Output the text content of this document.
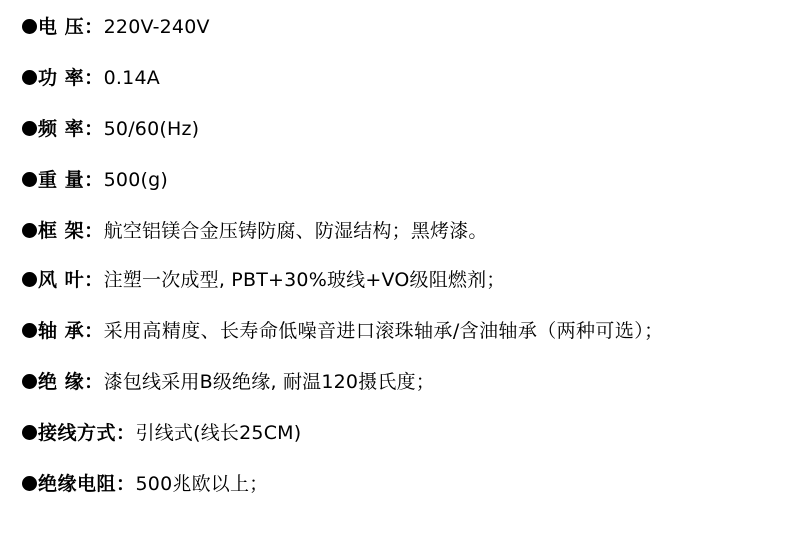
电 压：220V-240V
功 率：0.14A
频 率：50/60(Hz)
重 量：500(g)
框 架：航空铝镁合金压铸防腐、防湿结构；黑烤漆。
风 叶：注塑一次成型, PBT+30%玻线+VO级阻燃剂；
轴 承：采用高精度、长寿命低噪音进口滚珠轴承/含油轴承（两种可选）；
绝 缘：漆包线采用B级绝缘, 耐温120摄氏度；
接线方式：引线式(线长25CM)
绝缘电阻：500兆欧以上；
